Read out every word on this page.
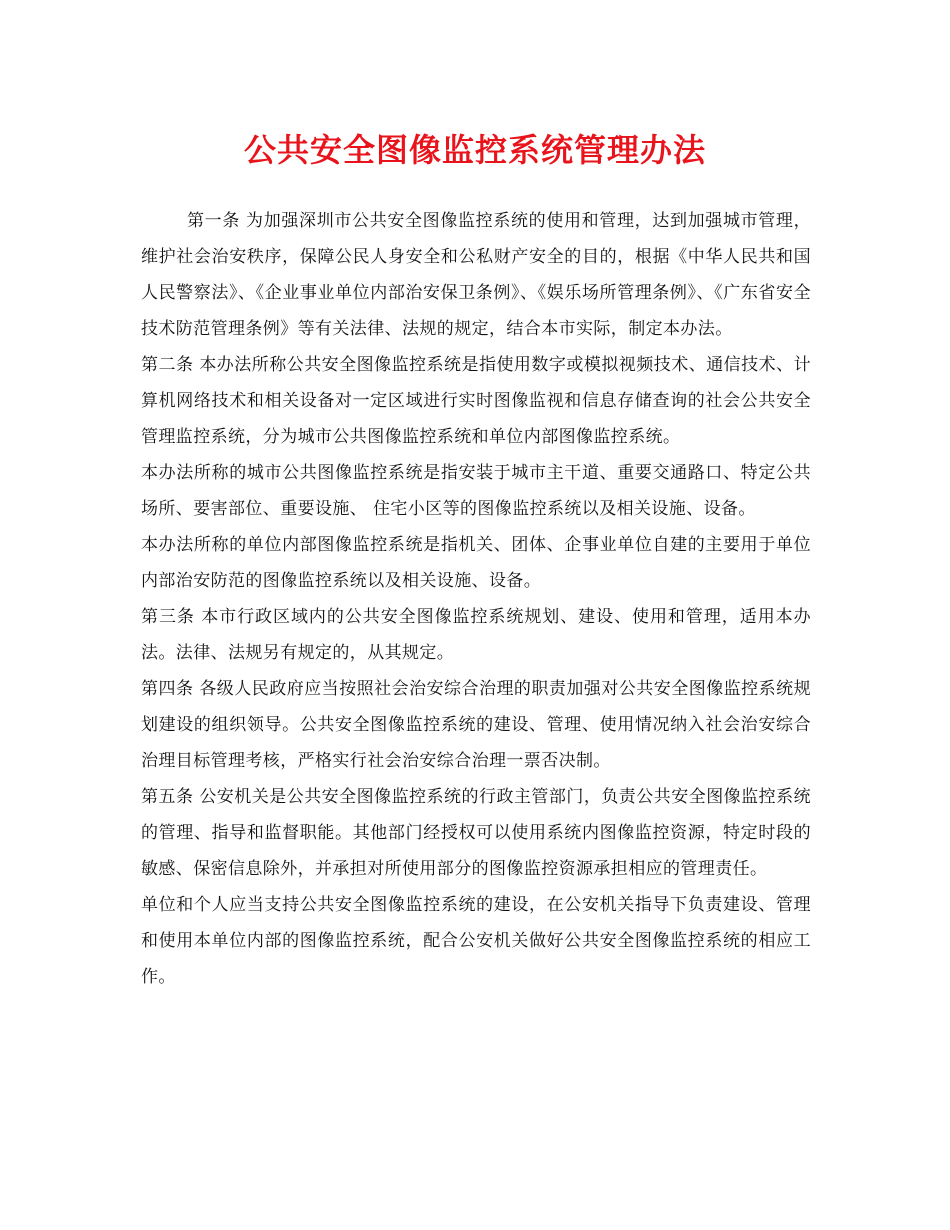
公共安全图像监控系统管理办法

第一条 为加强深圳市公共安全图像监控系统的使用和管理，达到加强城市管理，维护社会治安秩序，保障公民人身安全和公私财产安全的目的，根据《中华人民共和国人民警察法》、《企业事业单位内部治安保卫条例》、《娱乐场所管理条例》、《广东省安全技术防范管理条例》等有关法律、法规的规定，结合本市实际，制定本办法。

第二条 本办法所称公共安全图像监控系统是指使用数字或模拟视频技术、通信技术、计算机网络技术和相关设备对一定区域进行实时图像监视和信息存储查询的社会公共安全管理监控系统，分为城市公共图像监控系统和单位内部图像监控系统。

本办法所称的城市公共图像监控系统是指安装于城市主干道、重要交通路口、特定公共场所、要害部位、重要设施、 住宅小区等的图像监控系统以及相关设施、设备。

本办法所称的单位内部图像监控系统是指机关、团体、企事业单位自建的主要用于单位内部治安防范的图像监控系统以及相关设施、设备。

第三条 本市行政区域内的公共安全图像监控系统规划、建设、使用和管理，适用本办法。法律、法规另有规定的，从其规定。

第四条 各级人民政府应当按照社会治安综合治理的职责加强对公共安全图像监控系统规划建设的组织领导。公共安全图像监控系统的建设、管理、使用情况纳入社会治安综合治理目标管理考核，严格实行社会治安综合治理一票否决制。

第五条 公安机关是公共安全图像监控系统的行政主管部门，负责公共安全图像监控系统的管理、指导和监督职能。其他部门经授权可以使用系统内图像监控资源，特定时段的敏感、保密信息除外，并承担对所使用部分的图像监控资源承担相应的管理责任。

单位和个人应当支持公共安全图像监控系统的建设，在公安机关指导下负责建设、管理和使用本单位内部的图像监控系统，配合公安机关做好公共安全图像监控系统的相应工作。
